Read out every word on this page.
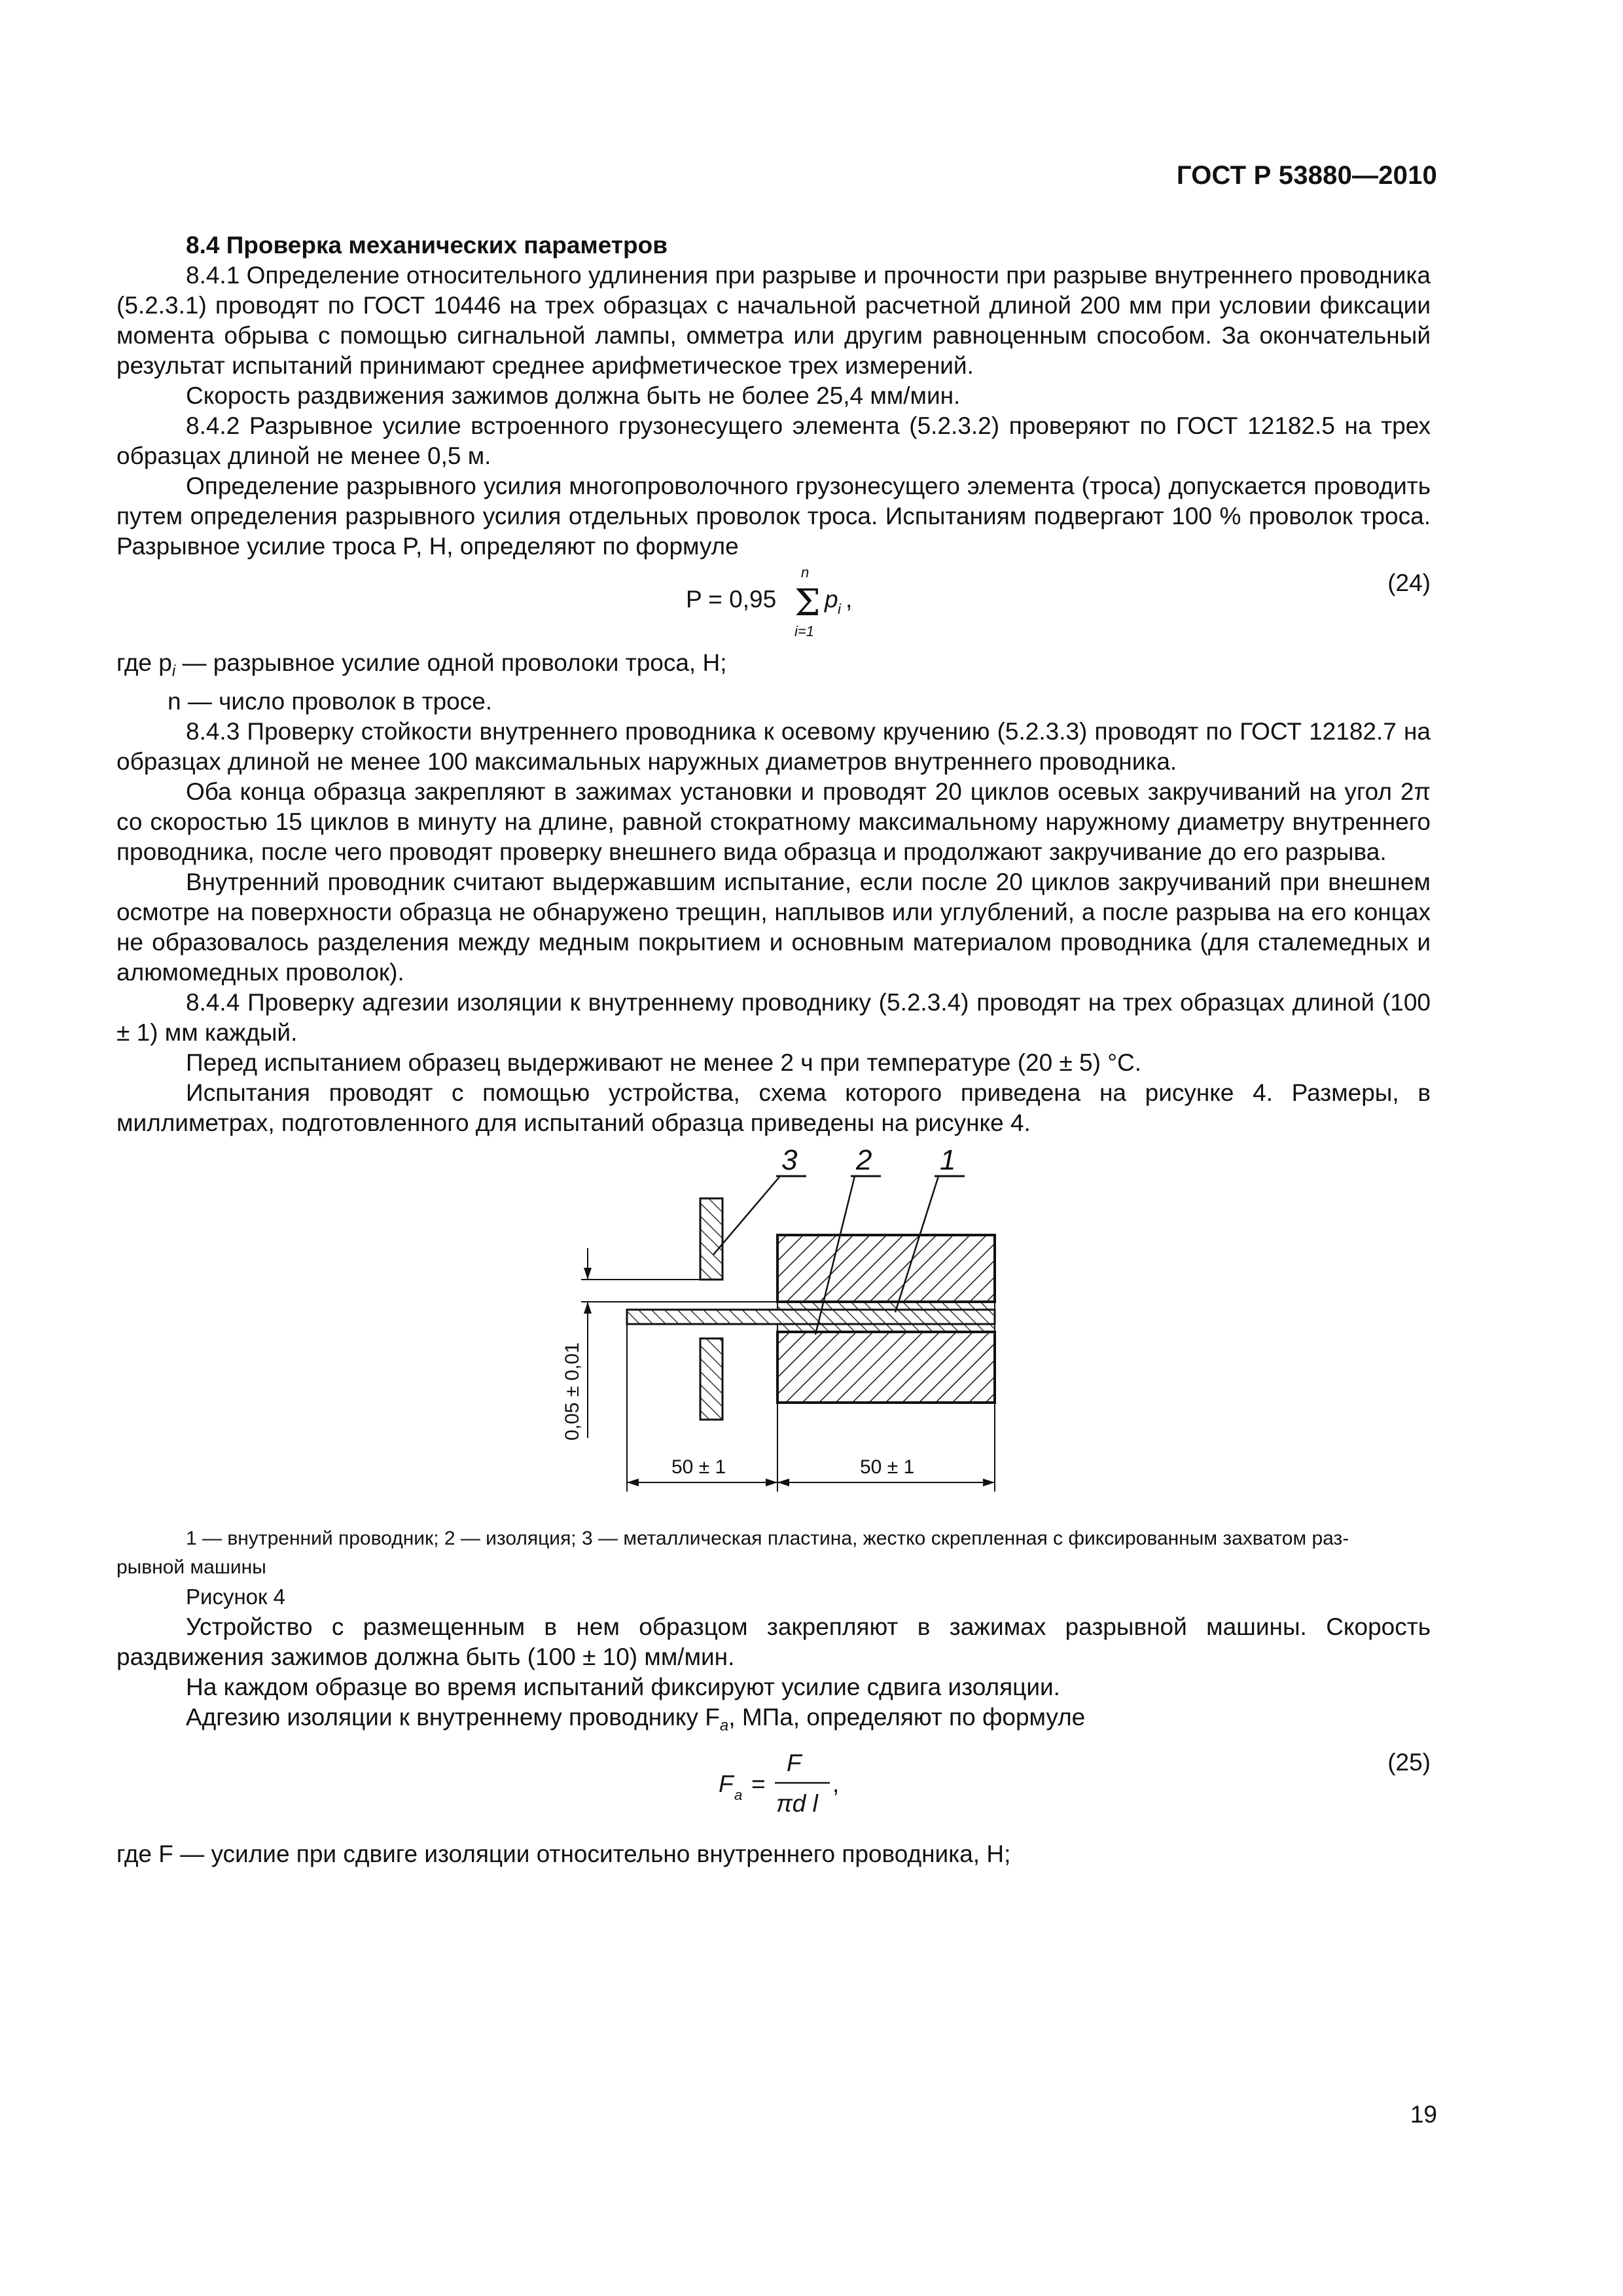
ГОСТ Р 53880—2010

8.4 Проверка механических параметров

8.4.1 Определение относительного удлинения при разрыве и прочности при разрыве внутреннего проводника (5.2.3.1) проводят по ГОСТ 10446 на трех образцах с начальной расчетной длиной 200 мм при условии фиксации момента обрыва с помощью сигнальной лампы, омметра или другим равноценным способом. За окончательный результат испытаний принимают среднее арифметическое трех измерений.

Скорость раздвижения зажимов должна быть не более 25,4 мм/мин.

8.4.2 Разрывное усилие встроенного грузонесущего элемента (5.2.3.2) проверяют по ГОСТ 12182.5 на трех образцах длиной не менее 0,5 м.

Определение разрывного усилия многопроволочного грузонесущего элемента (троса) допускается проводить путем определения разрывного усилия отдельных проволок троса. Испытаниям подвергают 100 % проволок троса. Разрывное усилие троса P, H, определяют по формуле

P = 0,95
n
Σ
i=1
p i ,
(24)

где $p_i$ — разрывное усилие одной проволоки троса, H;

n — число проволок в тросе.

8.4.3 Проверку стойкости внутреннего проводника к осевому кручению (5.2.3.3) проводят по ГОСТ 12182.7 на образцах длиной не менее 100 максимальных наружных диаметров внутреннего проводника.

Оба конца образца закрепляют в зажимах установки и проводят 20 циклов осевых закручиваний на угол 2π со скоростью 15 циклов в минуту на длине, равной стократному максимальному наружному диаметру внутреннего проводника, после чего проводят проверку внешнего вида образца и продолжают закручивание до его разрыва.

Внутренний проводник считают выдержавшим испытание, если после 20 циклов закручиваний при внешнем осмотре на поверхности образца не обнаружено трещин, наплывов или углублений, а после разрыва на его концах не образовалось разделения между медным покрытием и основным материалом проводника (для сталемедных и алюмомедных проволок).

8.4.4 Проверку адгезии изоляции к внутреннему проводнику (5.2.3.4) проводят на трех образцах длиной (100 ± 1) мм каждый.

Перед испытанием образец выдерживают не менее 2 ч при температуре (20 ± 5) °C.

Испытания проводят с помощью устройства, схема которого приведена на рисунке 4. Размеры, в миллиметрах, подготовленного для испытаний образца приведены на рисунке 4.

3 2 1
0,05 ± 0,01
50 ± 1	50 ± 1

1 — внутренний проводник; 2 — изоляция; 3 — металлическая пластина, жестко скрепленная с фиксированным захватом раз-
рывной машины

Рисунок 4

Устройство с размещенным в нем образцом закрепляют в зажимах разрывной машины. Скорость раздвижения зажимов должна быть (100 ± 10) мм/мин.

На каждом образце во время испытаний фиксируют усилие сдвига изоляции.

Адгезию изоляции к внутреннему проводнику $F_a$, МПа, определяют по формуле

F a =
F
πd l
,
(25)

где F — усилие при сдвиге изоляции относительно внутреннего проводника, H;

19
